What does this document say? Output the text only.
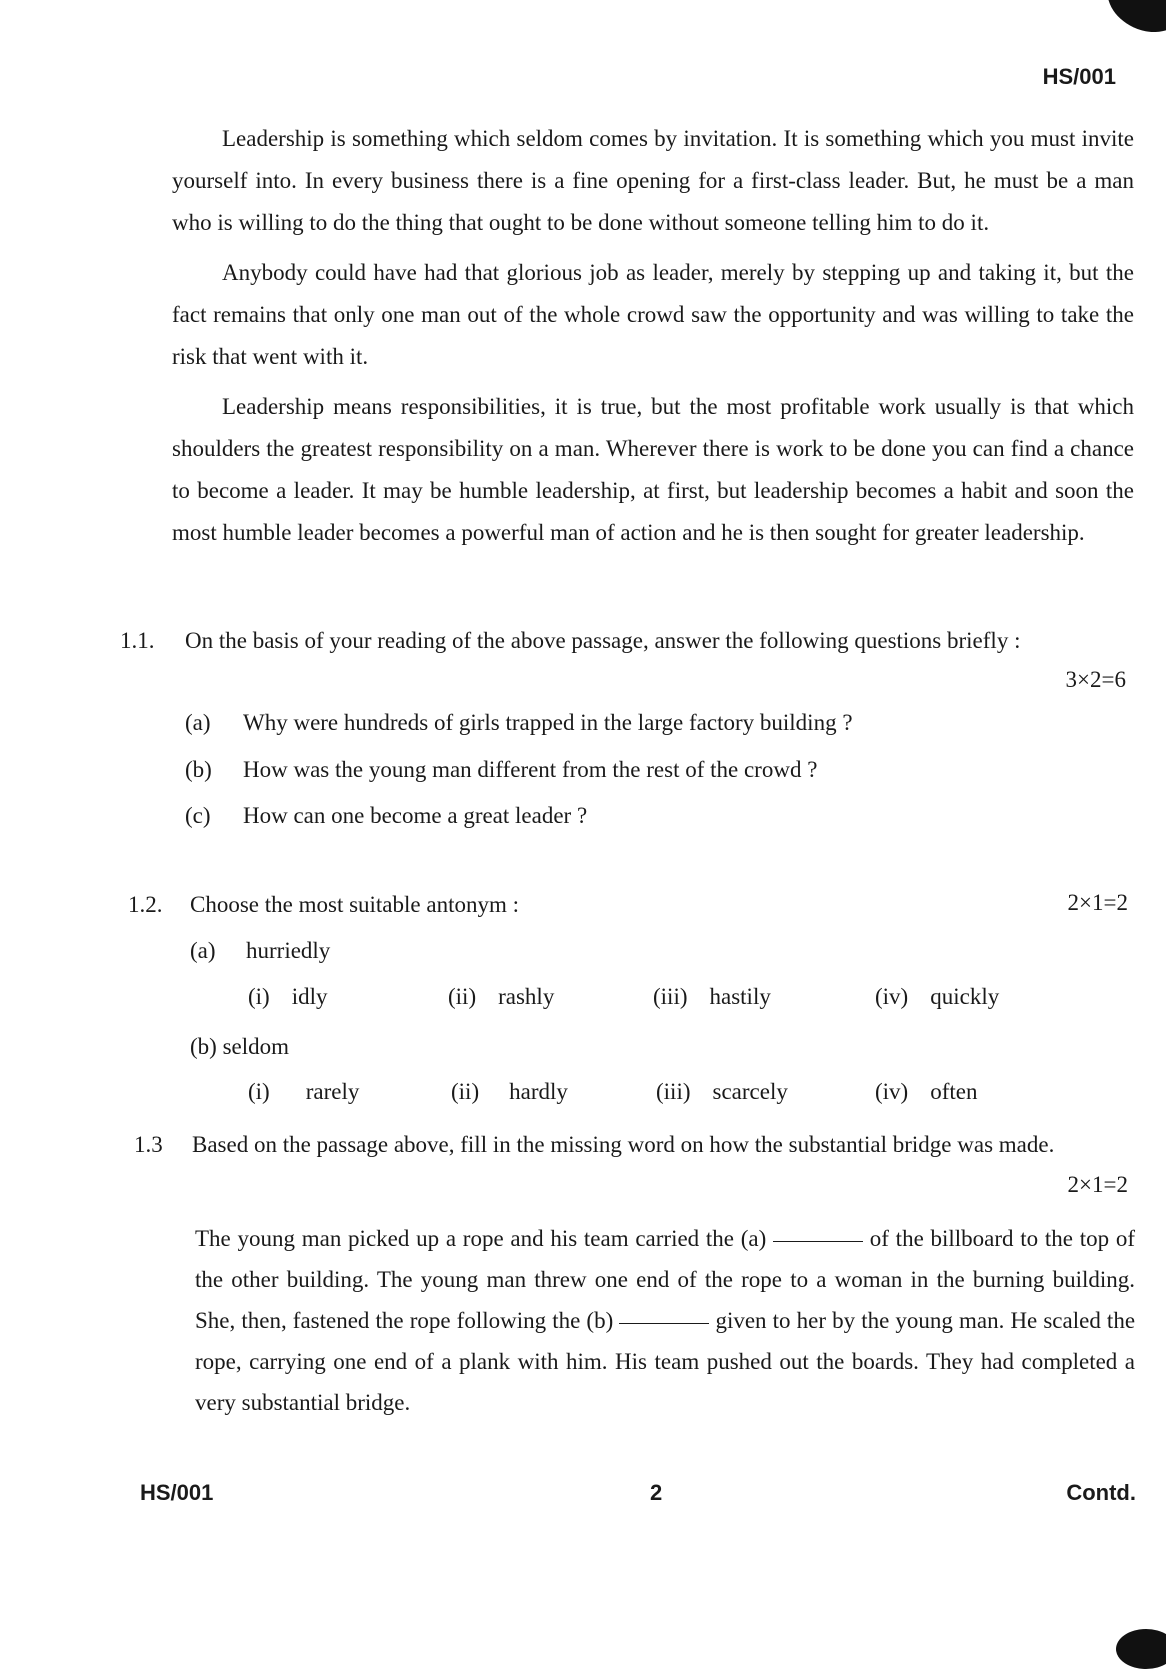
HS/001

Leadership is something which seldom comes by invitation. It is something which you must invite yourself into. In every business there is a fine opening for a first-class leader. But, he must be a man who is willing to do the thing that ought to be done without someone telling him to do it.

Anybody could have had that glorious job as leader, merely by stepping up and taking it, but the fact remains that only one man out of the whole crowd saw the opportunity and was willing to take the risk that went with it.

Leadership means responsibilities, it is true, but the most profitable work usually is that which shoulders the greatest responsibility on a man. Wherever there is work to be done you can find a chance to become a leader. It may be humble leadership, at first, but leadership becomes a habit and soon the most humble leader becomes a powerful man of action and he is then sought for greater leadership.

1.1.	On the basis of your reading of the above passage, answer the following questions briefly :
3×2=6
(a) Why were hundreds of girls trapped in the large factory building ?
(b) How was the young man different from the rest of the crowd ?
(c) How can one become a great leader ?
1.2.	Choose the most suitable antonym :	2×1=2
(a) hurriedly
(i) idly	(ii) rashly	(iii) hastily	(iv) quickly
(b) seldom
(i) rarely	(ii) hardly	(iii) scarcely	(iv) often
1.3	Based on the passage above, fill in the missing word on how the substantial bridge was made.
2×1=2

The young man picked up a rope and his team carried the (a)	of the billboard to the top of the other building. The young man threw one end of the rope to a woman in the burning building. She, then, fastened the rope following the (b)	given to her by the young man. He scaled the rope, carrying one end of a plank with him. His team pushed out the boards. They had completed a very substantial bridge.

HS/001	2	Contd.
